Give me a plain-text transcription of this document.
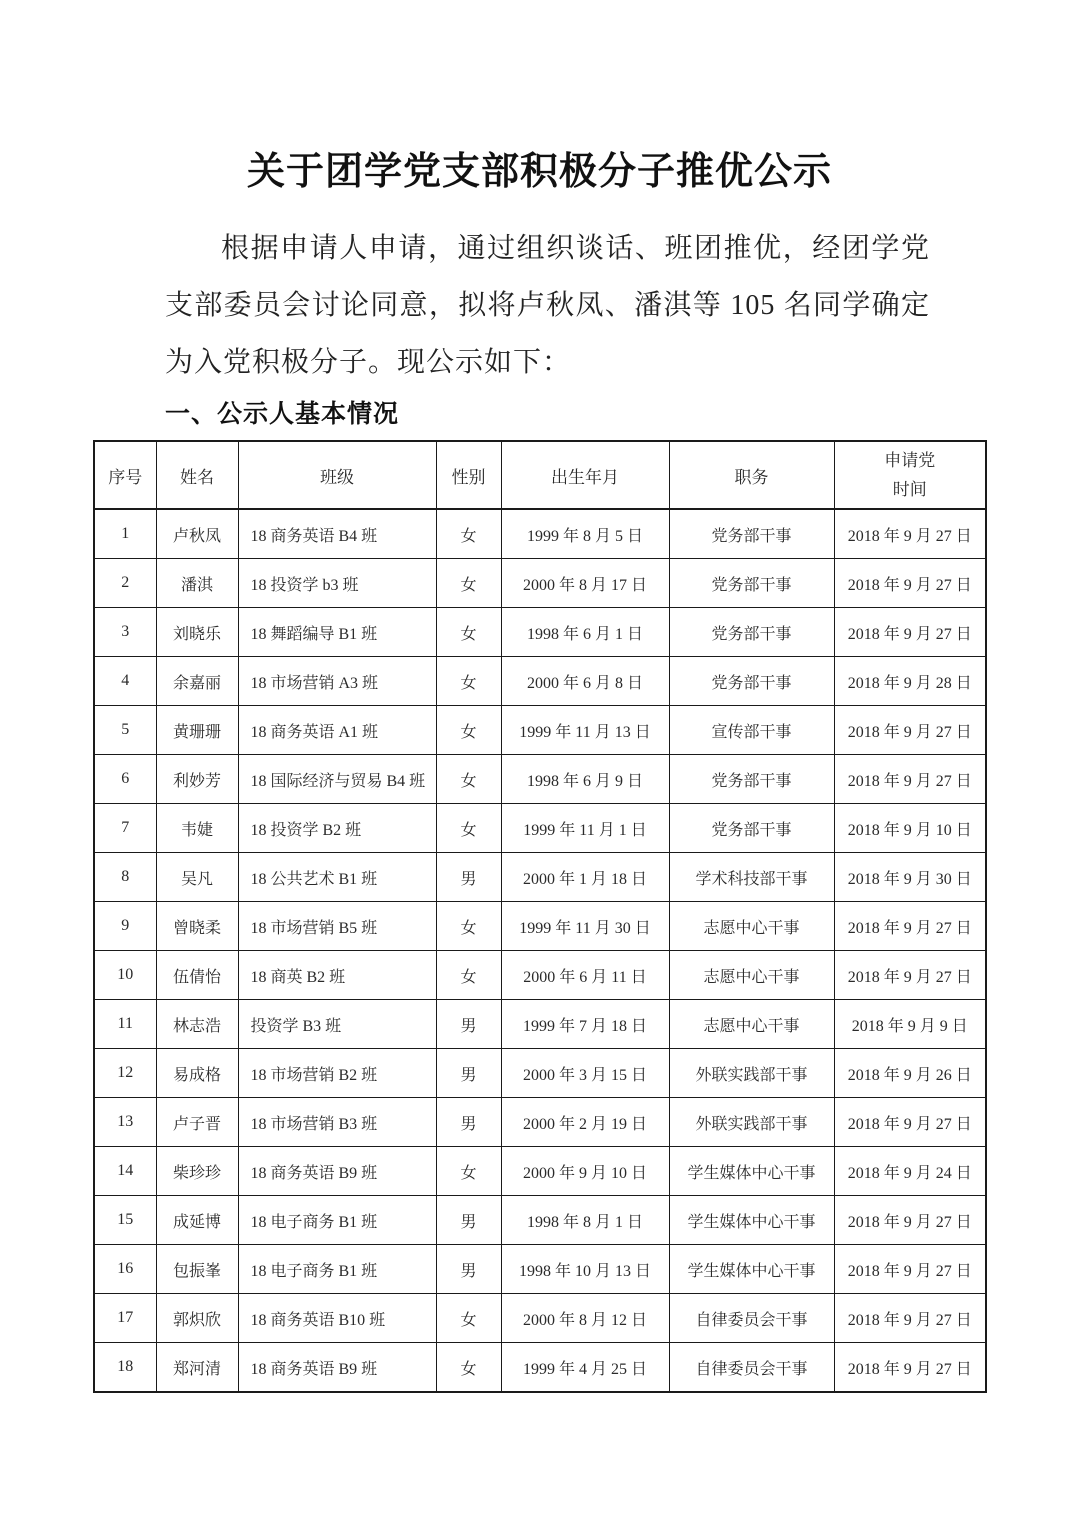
关于团学党支部积极分子推优公示
根据申请人申请，通过组织谈话、班团推优，经团学党
支部委员会讨论同意，拟将卢秋凤、潘淇等 105 名同学确定
为入党积极分子。现公示如下：
一、公示人基本情况
序号	姓名	班级	性别	出生年月	职务	申请党
时间

1	卢秋凤	18 商务英语 B4 班	女	1999 年 8 月 5 日	党务部干事	2018 年 9 月 27 日
2	潘淇	18 投资学 b3 班	女	2000 年 8 月 17 日	党务部干事	2018 年 9 月 27 日
3	刘晓乐	18 舞蹈编导 B1 班	女	1998 年 6 月 1 日	党务部干事	2018 年 9 月 27 日
4	余嘉丽	18 市场营销 A3 班	女	2000 年 6 月 8 日	党务部干事	2018 年 9 月 28 日
5	黄珊珊	18 商务英语 A1 班	女	1999 年 11 月 13 日	宣传部干事	2018 年 9 月 27 日
6	利妙芳	18 国际经济与贸易 B4 班	女	1998 年 6 月 9 日	党务部干事	2018 年 9 月 27 日
7	韦婕	18 投资学 B2 班	女	1999 年 11 月 1 日	党务部干事	2018 年 9 月 10 日
8	吴凡	18 公共艺术 B1 班	男	2000 年 1 月 18 日	学术科技部干事	2018 年 9 月 30 日
9	曾晓柔	18 市场营销 B5 班	女	1999 年 11 月 30 日	志愿中心干事	2018 年 9 月 27 日
10	伍倩怡	18 商英 B2 班	女	2000 年 6 月 11 日	志愿中心干事	2018 年 9 月 27 日
11	林志浩	投资学 B3 班	男	1999 年 7 月 18 日	志愿中心干事	2018 年 9 月 9 日
12	易成格	18 市场营销 B2 班	男	2000 年 3 月 15 日	外联实践部干事	2018 年 9 月 26 日
13	卢子晋	18 市场营销 B3 班	男	2000 年 2 月 19 日	外联实践部干事	2018 年 9 月 27 日
14	柴珍珍	18 商务英语 B9 班	女	2000 年 9 月 10 日	学生媒体中心干事	2018 年 9 月 24 日
15	成延博	18 电子商务 B1 班	男	1998 年 8 月 1 日	学生媒体中心干事	2018 年 9 月 27 日
16	包振峯	18 电子商务 B1 班	男	1998 年 10 月 13 日	学生媒体中心干事	2018 年 9 月 27 日
17	郭炽欣	18 商务英语 B10 班	女	2000 年 8 月 12 日	自律委员会干事	2018 年 9 月 27 日
18	郑河清	18 商务英语 B9 班	女	1999 年 4 月 25 日	自律委员会干事	2018 年 9 月 27 日
